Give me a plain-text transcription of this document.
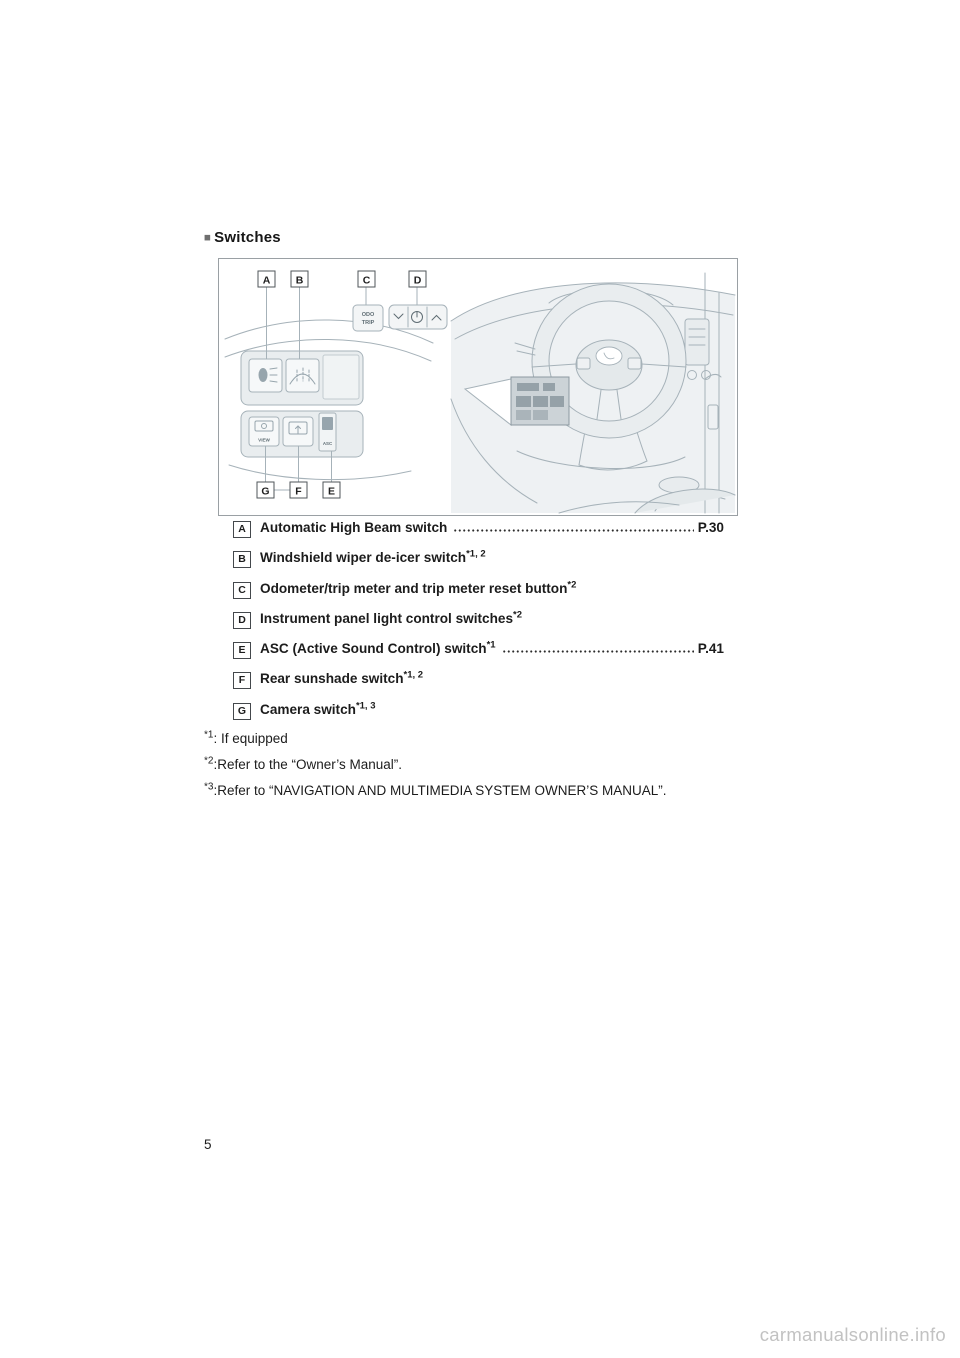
■ Switches
ODO
TRIP
VIEW
ASC
A B	C	D
G F	E
A	Automatic High Beam switch	P.30
B	Windshield wiper de-icer switch$^{*1, 2}$
C	Odometer/trip meter and trip meter reset button$^{*2}$
D	Instrument panel light control switches$^{*2}$
E	ASC (Active Sound Control) switch$^{*1}$	P.41
F	Rear sunshade switch$^{*1, 2}$
G	Camera switch$^{*1, 3}$
$^{*1}$: If equipped
$^{*2}$:Refer to the “Owner’s Manual”.
$^{*3}$:Refer to “NAVIGATION AND MULTIMEDIA SYSTEM OWNER’S MANUAL”.
5
carmanualsonline.info
